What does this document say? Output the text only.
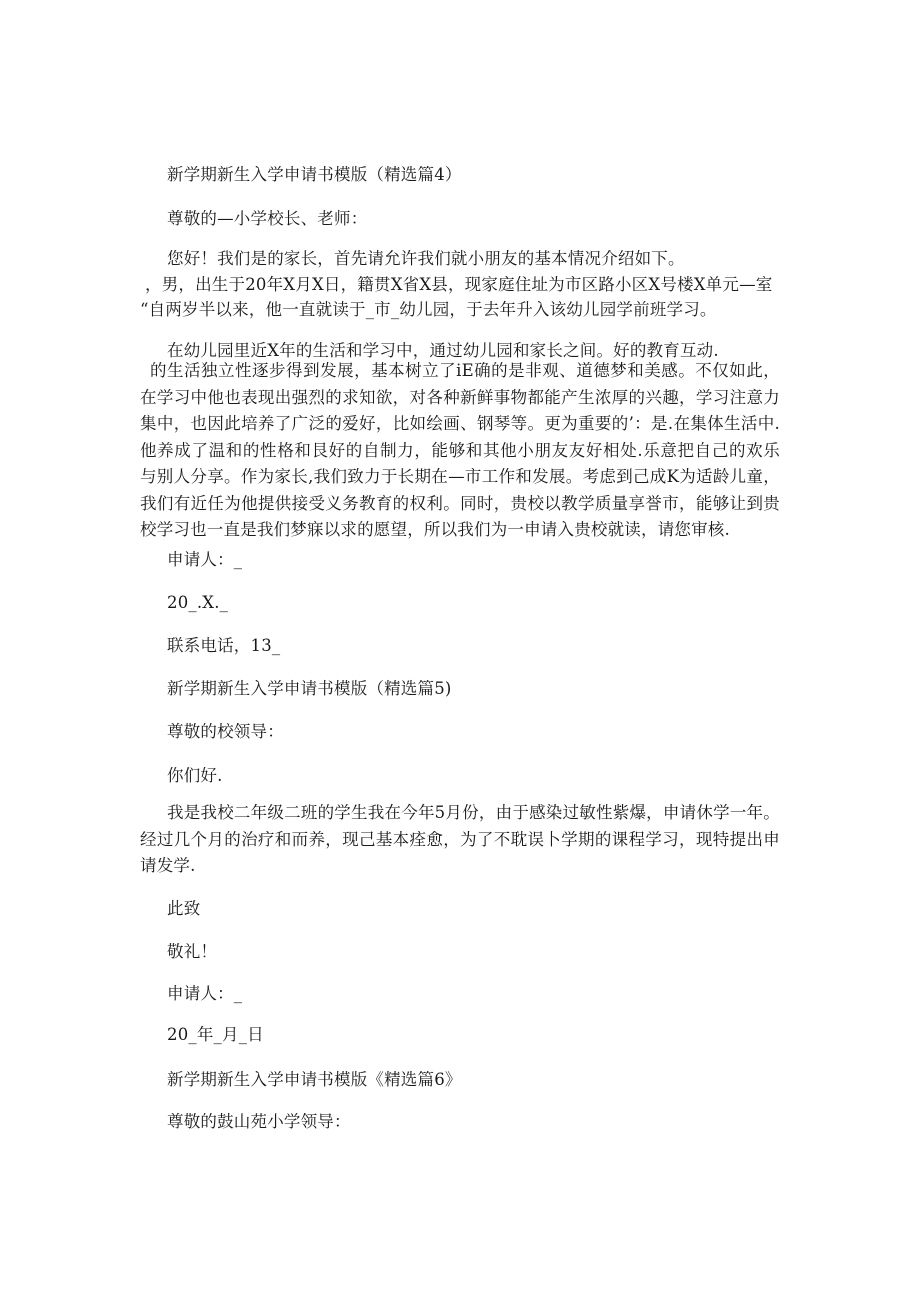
新学期新生入学申请书模版（精选篇4）
尊敬的—小学校长、老师：
您好！我们是的家长，首先请允许我们就小朋友的基本情况介绍如下。
，男，出生于20年X月X日，籍贯X省X县，现家庭住址为市区路小区X号楼X单元—室
“自两岁半以来，他一直就读于_市_幼儿园，于去年升入该幼儿园学前班学习。
在幼儿园里近X年的生活和学习中，通过幼儿园和家长之间。好的教育互动.
的生活独立性逐步得到发展，基本树立了iE确的是非观、道德梦和美感。不仅如此，在学习中他也表现出强烈的求知欲，对各种新鲜事物都能产生浓厚的兴趣，学习注意力集中，也因此培养了广泛的爱好，比如绘画、钢琴等。更为重要的’：是.在集体生活中.他养成了温和的性格和艮好的自制力，能够和其他小朋友友好相处.乐意把自己的欢乐与别人分享。作为家长,我们致力于长期在—市工作和发展。考虑到己成K为适龄儿童，我们有近任为他提供接受义务教育的权利。同时，贵校以教学质量享誉市，能够让到贵校学习也一直是我们梦寐以求的愿望，所以我们为一申请入贵校就读，请您审核.
申请人：_
20_.X._
联系电话，13_
新学期新生入学申请书模版（精选篇5)
尊敬的校领导：
你们好.
我是我校二年级二班的学生我在今年5月份，由于感染过敏性紫爆，申请休学一年。经过几个月的治疗和而养，现己基本痊愈，为了不耽误卜学期的课程学习，现特提出申请发学.
此致
敬礼！
申请人：_
20_年_月_日
新学期新生入学申请书模版《精选篇6》
尊敬的鼓山苑小学领导：
